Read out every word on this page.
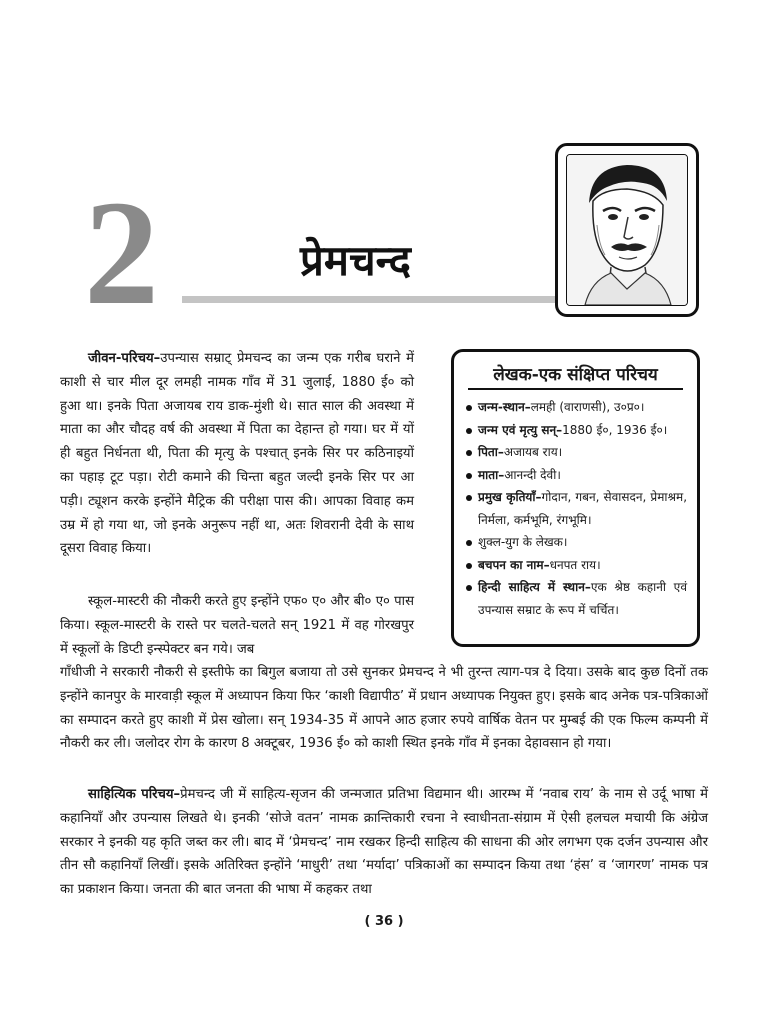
2	प्रेमचन्द

जीवन-परिचय–उपन्यास सम्राट् प्रेमचन्द का जन्म एक गरीब घराने में काशी से चार मील दूर लमही नामक गाँव में 31 जुलाई, 1880 ई० को हुआ था। इनके पिता अजायब राय डाक-मुंशी थे। सात साल की अवस्था में माता का और चौदह वर्ष की अवस्था में पिता का देहान्त हो गया। घर में यों ही बहुत निर्धनता थी, पिता की मृत्यु के पश्चात् इनके सिर पर कठिनाइयों का पहाड़ टूट पड़ा। रोटी कमाने की चिन्ता बहुत जल्दी इनके सिर पर आ पड़ी। ट्यूशन करके इन्होंने मैट्रिक की परीक्षा पास की। आपका विवाह कम उम्र में हो गया था, जो इनके अनुरूप नहीं था, अतः शिवरानी देवी के साथ दूसरा विवाह किया।

स्कूल-मास्टरी की नौकरी करते हुए इन्होंने एफ० ए० और बी० ए० पास किया। स्कूल-मास्टरी के रास्ते पर चलते-चलते सन् 1921 में वह गोरखपुर में स्कूलों के डिप्टी इन्स्पेक्टर बन गये। जब

गाँधीजी ने सरकारी नौकरी से इस्तीफे का बिगुल बजाया तो उसे सुनकर प्रेमचन्द ने भी तुरन्त त्याग-पत्र दे दिया। उसके बाद कुछ दिनों तक इन्होंने कानपुर के मारवाड़ी स्कूल में अध्यापन किया फिर ‘काशी विद्यापीठ’ में प्रधान अध्यापक नियुक्त हुए। इसके बाद अनेक पत्र-पत्रिकाओं का सम्पादन करते हुए काशी में प्रेस खोला। सन् 1934-35 में आपने आठ हजार रुपये वार्षिक वेतन पर मुम्बई की एक फिल्म कम्पनी में नौकरी कर ली। जलोदर रोग के कारण 8 अक्टूबर, 1936 ई० को काशी स्थित इनके गाँव में इनका देहावसान हो गया।

साहित्यिक परिचय–प्रेमचन्द जी में साहित्य-सृजन की जन्मजात प्रतिभा विद्यमान थी। आरम्भ में ‘नवाब राय’ के नाम से उर्दू भाषा में कहानियाँ और उपन्यास लिखते थे। इनकी ‘सोजे वतन’ नामक क्रान्तिकारी रचना ने स्वाधीनता-संग्राम में ऐसी हलचल मचायी कि अंग्रेज सरकार ने इनकी यह कृति जब्त कर ली। बाद में ‘प्रेमचन्द’ नाम रखकर हिन्दी साहित्य की साधना की ओर लगभग एक दर्जन उपन्यास और तीन सौ कहानियाँ लिखीं। इसके अतिरिक्त इन्होंने ‘माधुरी’ तथा ‘मर्यादा’ पत्रिकाओं का सम्पादन किया तथा ‘हंस’ व ‘जागरण’ नामक पत्र का प्रकाशन किया। जनता की बात जनता की भाषा में कहकर तथा

लेखक-एक संक्षिप्त परिचय
जन्म-स्थान–लमही (वाराणसी), उ०प्र०।
जन्म एवं मृत्यु सन्–1880 ई०, 1936 ई०।
पिता–अजायब राय।
माता–आनन्दी देवी।
प्रमुख कृतियाँ–गोदान, गबन, सेवासदन, प्रेमाश्रम, निर्मला, कर्मभूमि, रंगभूमि।
शुक्ल-युग के लेखक।
बचपन का नाम–धनपत राय।
हिन्दी साहित्य में स्थान–एक श्रेष्ठ कहानी एवं उपन्यास सम्राट के रूप में चर्चित।
( 36 )
